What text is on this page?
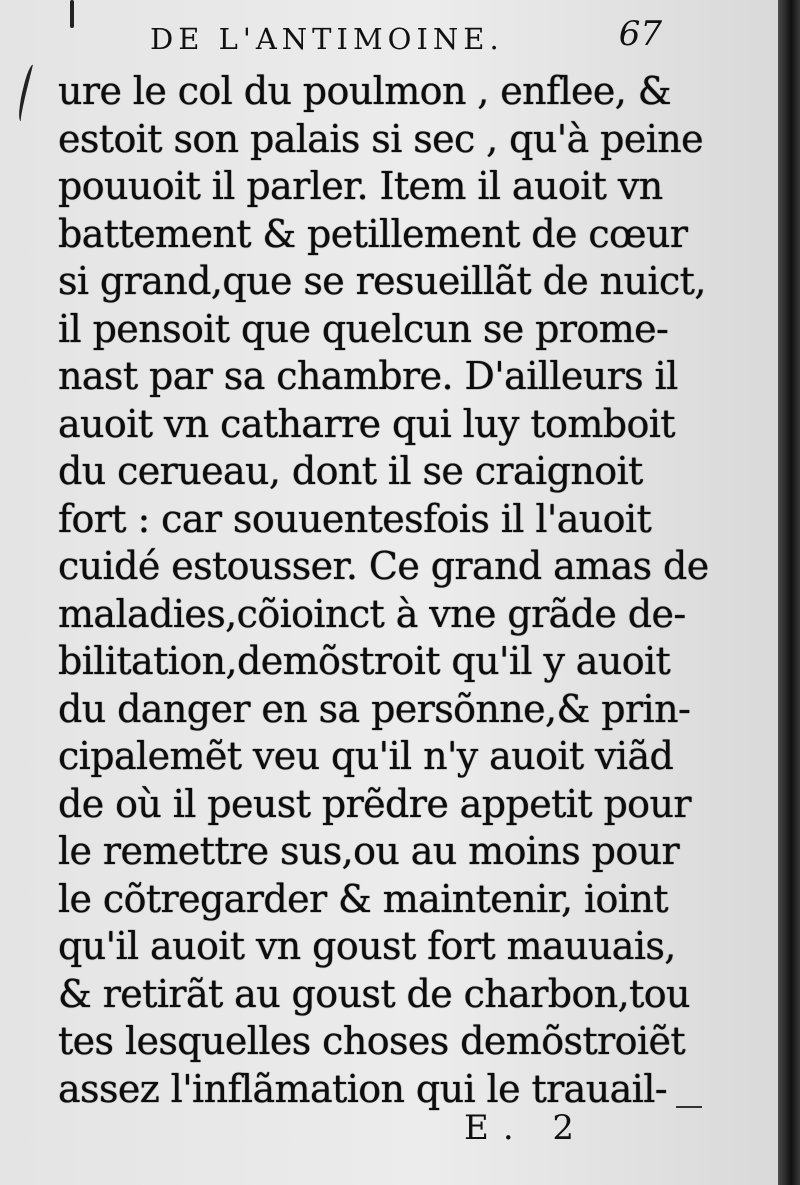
DE L'ANTIMOINE.	67
ure le col du poulmon , enflee, &
estoit son palais si sec , qu'à peine
pouuoit il parler. Item il auoit vn
battement & petillement de cœur
si grand,que se resueillãt de nuict,
il pensoit que quelcun se prome-
nast par sa chambre. D'ailleurs il
auoit vn catharre qui luy tomboit
du cerueau, dont il se craignoit
fort : car souuentesfois il l'auoit
cuidé estousser. Ce grand amas de
maladies,cõioinct à vne grãde de-
bilitation,demõstroit qu'il y auoit
du danger en sa persõnne,& prin-
cipalemẽt veu qu'il n'y auoit viãd
de où il peust prẽdre appetit pour
le remettre sus,ou au moins pour
le cõtregarder & maintenir, ioint
qu'il auoit vn goust fort mauuais,
& retirãt au goust de charbon,tou
tes lesquelles choses demõstroiẽt
assez l'inflãmation qui le trauail-
E. 2
